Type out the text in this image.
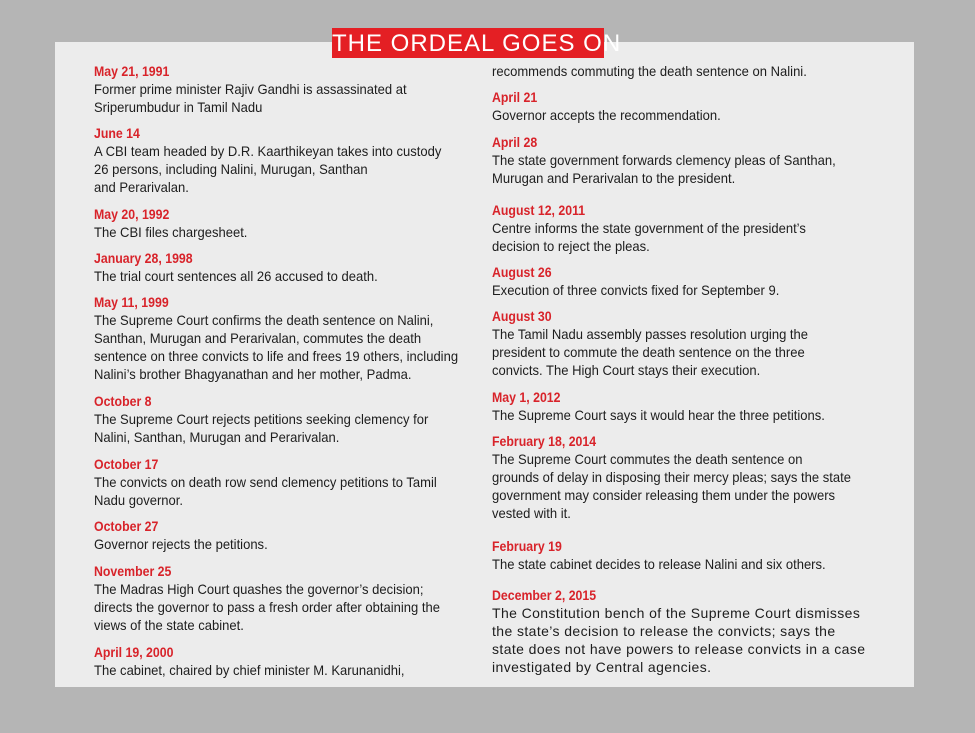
THE ORDEAL GOES ON
May 21, 1991
Former prime minister Rajiv Gandhi is assassinated at
Sriperumbudur in Tamil Nadu
June 14
A CBI team headed by D.R. Kaarthikeyan takes into custody
26 persons, including Nalini, Murugan, Santhan
and Perarivalan.
May 20, 1992
The CBI files chargesheet.
January 28, 1998
The trial court sentences all 26 accused to death.
May 11, 1999
The Supreme Court confirms the death sentence on Nalini,
Santhan, Murugan and Perarivalan, commutes the death
sentence on three convicts to life and frees 19 others, including
Nalini’s brother Bhagyanathan and her mother, Padma.
October 8
The Supreme Court rejects petitions seeking clemency for
Nalini, Santhan, Murugan and Perarivalan.
October 17
The convicts on death row send clemency petitions to Tamil
Nadu governor.
October 27
Governor rejects the petitions.
November 25
The Madras High Court quashes the governor’s decision;
directs the governor to pass a fresh order after obtaining the
views of the state cabinet.
April 19, 2000
The cabinet, chaired by chief minister M. Karunanidhi,
recommends commuting the death sentence on Nalini.
April 21
Governor accepts the recommendation.
April 28
The state government forwards clemency pleas of Santhan,
Murugan and Perarivalan to the president.
August 12, 2011
Centre informs the state government of the president’s
decision to reject the pleas.
August 26
Execution of three convicts fixed for September 9.
August 30
The Tamil Nadu assembly passes resolution urging the
president to commute the death sentence on the three
convicts. The High Court stays their execution.
May 1, 2012
The Supreme Court says it would hear the three petitions.
February 18, 2014
The Supreme Court commutes the death sentence on
grounds of delay in disposing their mercy pleas; says the state
government may consider releasing them under the powers
vested with it.
February 19
The state cabinet decides to release Nalini and six others.
December 2, 2015
The Constitution bench of the Supreme Court dismisses
the state’s decision to release the convicts; says the
state does not have powers to release convicts in a case
investigated by Central agencies.
